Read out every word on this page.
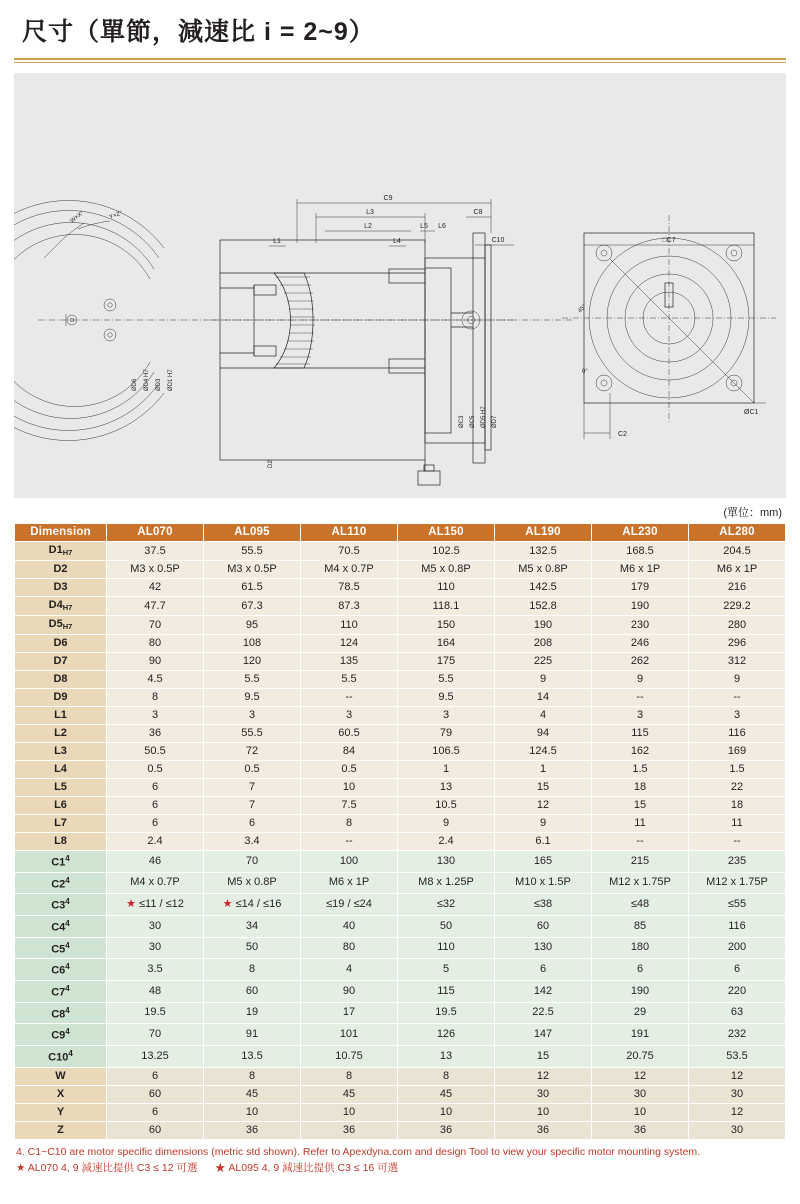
尺寸（單節，減速比 i = 2~9）
W×X°	Y×Z°
ØD6 ØD4 H7 ØD3 ØD1 H7
C9
L3
L2
C8
L5 L6
L1	L4	C10
D2
ØC3 ØC5 ØD5 H7 ØD7
45°
0°
□C7
ØC1
C2
(單位：mm)
Dimension	AL070	AL095	AL110	AL150	AL190	AL230	AL280
$D1_{H7}$	37.5	55.5	70.5	102.5	132.5	168.5	204.5
D2	M3 x 0.5P	M3 x 0.5P	M4 x 0.7P	M5 x 0.8P	M5 x 0.8P	M6 x 1P	M6 x 1P
D3	42	61.5	78.5	110	142.5	179	216
$D4_{H7}$	47.7	67.3	87.3	118.1	152.8	190	229.2
$D5_{H7}$	70	95	110	150	190	230	280
D6	80	108	124	164	208	246	296
D7	90	120	135	175	225	262	312
D8	4.5	5.5	5.5	5.5	9	9	9
D9	8	9.5	--	9.5	14	--	--
L1	3	3	3	3	4	3	3
L2	36	55.5	60.5	79	94	115	116
L3	50.5	72	84	106.5	124.5	162	169
L4	0.5	0.5	0.5	1	1	1.5	1.5
L5	6	7	10	13	15	18	22
L6	6	7	7.5	10.5	12	15	18
L7	6	6	8	9	9	11	11
L8	2.4	3.4	--	2.4	6.1	--	--
$C1^4$	46	70	100	130	165	215	235
$C2^4$	M4 x 0.7P	M5 x 0.8P	M6 x 1P	M8 x 1.25P	M10 x 1.5P	M12 x 1.75P	M12 x 1.75P
$C3^4$	★ ≤11 / ≤12	★ ≤14 / ≤16	≤19 / ≤24	≤32	≤38	≤48	≤55
$C4^4$	30	34	40	50	60	85	116
$C5^4$	30	50	80	110	130	180	200
$C6^4$	3.5	8	4	5	6	6	6
$C7^4$	48	60	90	115	142	190	220
$C8^4$	19.5	19	17	19.5	22.5	29	63
$C9^4$	70	91	101	126	147	191	232
$C10^4$	13.25	13.5	10.75	13	15	20.75	53.5
W	6	8	8	8	12	12	12
X	60	45	45	45	30	30	30
Y	6	10	10	10	10	10	12
Z	60	36	36	36	36	36	30
4. C1~C10 are motor specific dimensions (metric std shown). Refer to Apexdyna.com and design Tool to view your specific motor mounting system.
★ AL070 4, 9 減速比提供 C3 ≤ 12 可選 ★ AL095 4, 9 減速比提供 C3 ≤ 16 可選
